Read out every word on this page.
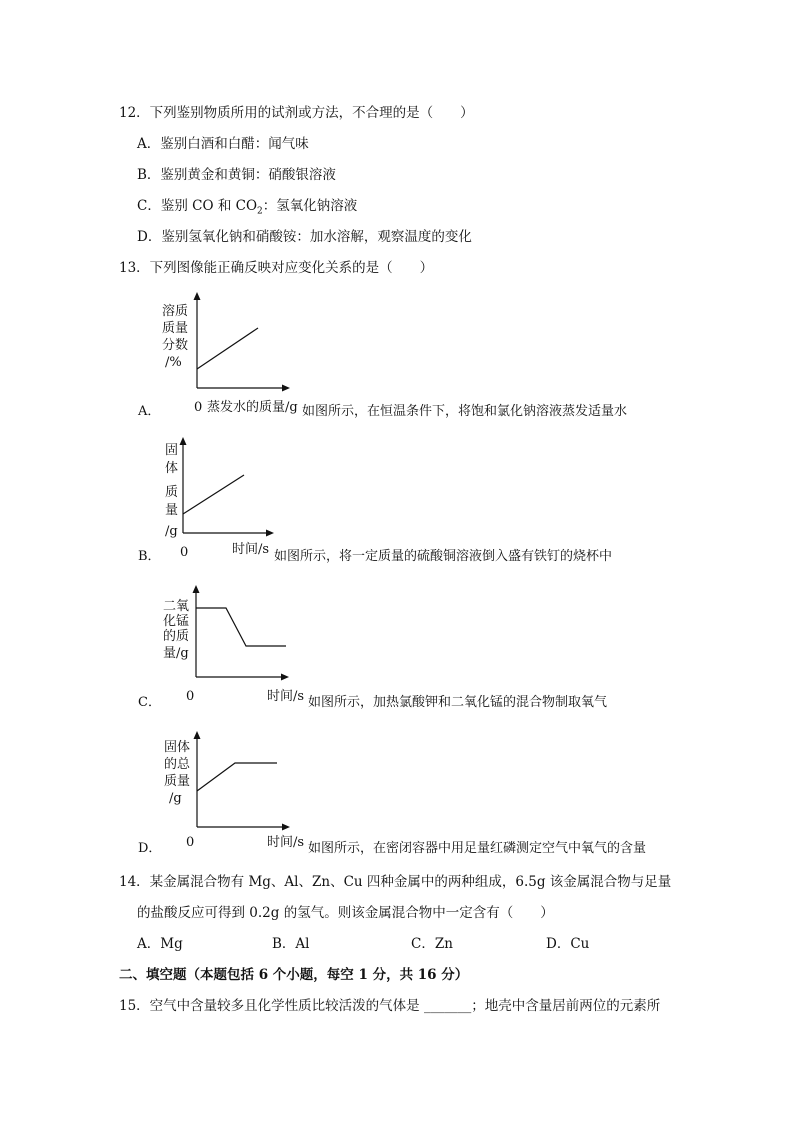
12．下列鉴别物质所用的试剂或方法，不合理的是（　　）
A．鉴别白酒和白醋：闻气味
B．鉴别黄金和黄铜：硝酸银溶液
C．鉴别 CO 和 $CO_2$：氢氧化钠溶液
D．鉴别氢氧化钠和硝酸铵：加水溶解，观察温度的变化
13．下列图像能正确反映对应变化关系的是（　　）
溶质
质量
分数
/%
A．	0 蒸发水的质量/g 如图所示，在恒温条件下，将饱和氯化钠溶液蒸发适量水
固
体
质
量
/g
B． 0	时间/s 如图所示，将一定质量的硫酸铜溶液倒入盛有铁钉的烧杯中
二氧
化锰
的质
量/g
C． 0	时间/s 如图所示，加热氯酸钾和二氧化锰的混合物制取氧气
固体
的总
质量
/g
D． 0	时间/s 如图所示，在密闭容器中用足量红磷测定空气中氧气的含量
14．某金属混合物有 Mg、Al、Zn、Cu 四种金属中的两种组成，6.5g 该金属混合物与足量
的盐酸反应可得到 0.2g 的氢气。则该金属混合物中一定含有（　　）
A．Mg	B．Al	C．Zn	D．Cu
二、填空题（本题包括 6 个小题，每空 1 分，共 16 分）
15．空气中含量较多且化学性质比较活泼的气体是 _______；地壳中含量居前两位的元素所
